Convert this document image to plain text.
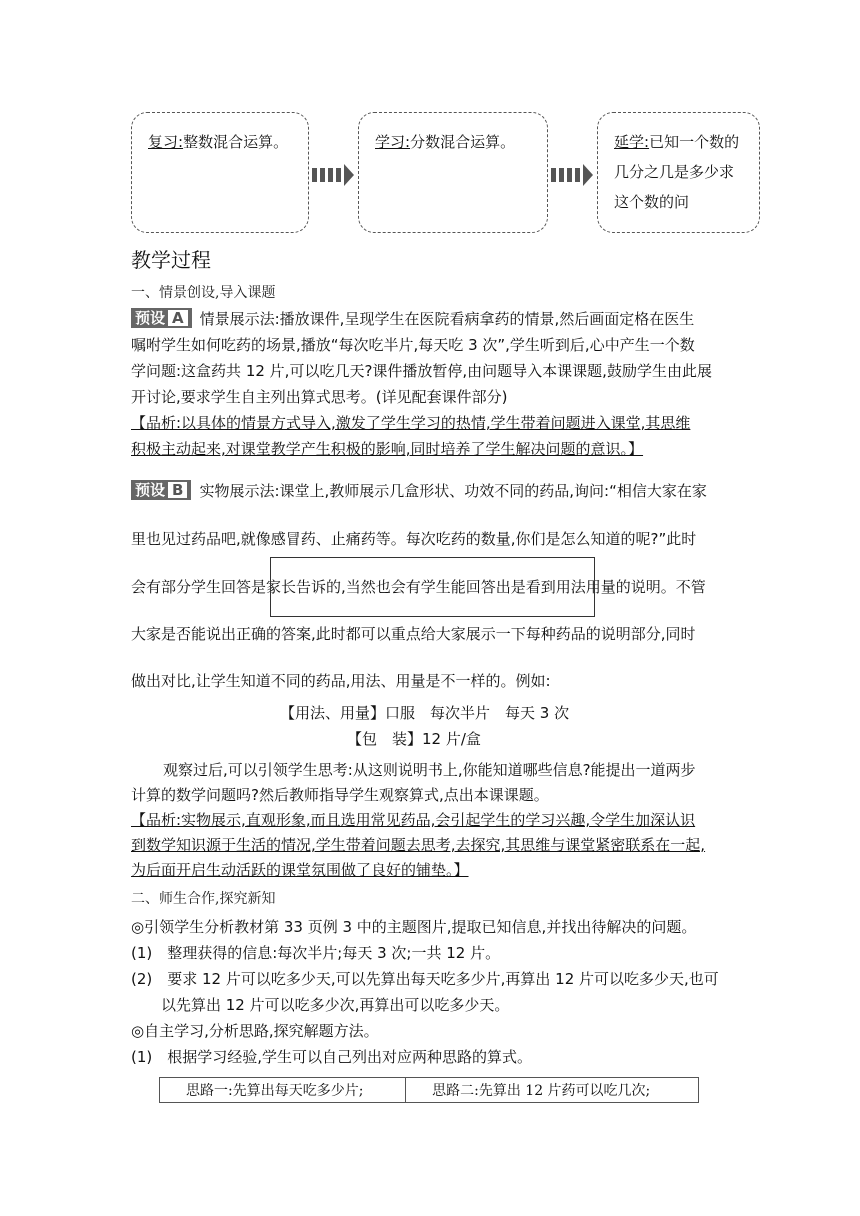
复习:整数混合运算。	学习:分数混合运算。	延学:已知一个数的几分之几是多少求这个数的问
教学过程
一、情景创设,导入课题
预设 A 情景展示法:播放课件,呈现学生在医院看病拿药的情景,然后画面定格在医生
嘱咐学生如何吃药的场景,播放“每次吃半片,每天吃 3 次”,学生听到后,心中产生一个数
学问题:这盒药共 12 片,可以吃几天?课件播放暂停,由问题导入本课课题,鼓励学生由此展
开讨论,要求学生自主列出算式思考。(详见配套课件部分)
【品析:以具体的情景方式导入,激发了学生学习的热情,学生带着问题进入课堂,其思维
积极主动起来,对课堂教学产生积极的影响,同时培养了学生解决问题的意识。】
预设 B 实物展示法:课堂上,教师展示几盒形状、功效不同的药品,询问:“相信大家在家
里也见过药品吧,就像感冒药、止痛药等。每次吃药的数量,你们是怎么知道的呢?”此时
会有部分学生回答是家长告诉的,当然也会有学生能回答出是看到用法用量的说明。不管
大家是否能说出正确的答案,此时都可以重点给大家展示一下每种药品的说明部分,同时
做出对比,让学生知道不同的药品,用法、用量是不一样的。例如:
【用法、用量】口服　每次半片　每天 3 次
【包　装】12 片/盒
观察过后,可以引领学生思考:从这则说明书上,你能知道哪些信息?能提出一道两步
计算的数学问题吗?然后教师指导学生观察算式,点出本课课题。
【品析:实物展示,直观形象,而且选用常见药品,会引起学生的学习兴趣,令学生加深认识
到数学知识源于生活的情况,学生带着问题去思考,去探究,其思维与课堂紧密联系在一起,
为后面开启生动活跃的课堂氛围做了良好的铺垫。】
二、师生合作,探究新知
◎引领学生分析教材第 33 页例 3 中的主题图片,提取已知信息,并找出待解决的问题。
(1)　整理获得的信息:每次半片;每天 3 次;一共 12 片。
(2)　要求 12 片可以吃多少天,可以先算出每天吃多少片,再算出 12 片可以吃多少天,也可
以先算出 12 片可以吃多少次,再算出可以吃多少天。
◎自主学习,分析思路,探究解题方法。
(1)　根据学习经验,学生可以自己列出对应两种思路的算式。
思路一:先算出每天吃多少片;	思路二:先算出 12 片药可以吃几次;
